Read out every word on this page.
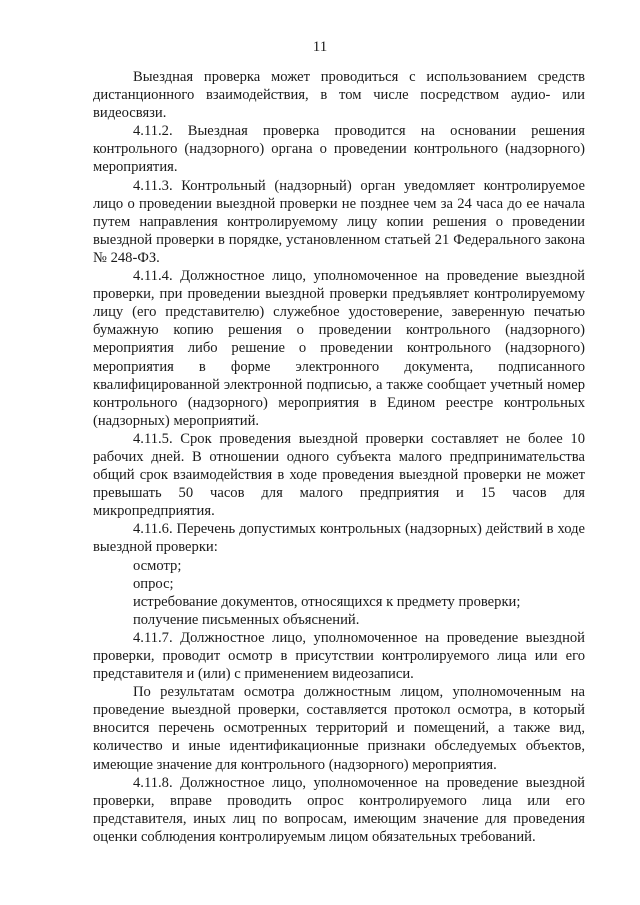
11

Выездная проверка может проводиться с использованием средств дистанционного взаимодействия, в том числе посредством аудио- или видеосвязи.

4.11.2. Выездная проверка проводится на основании решения контрольного (надзорного) органа о проведении контрольного (надзорного) мероприятия.

4.11.3. Контрольный (надзорный) орган уведомляет контролируемое лицо о проведении выездной проверки не позднее чем за 24 часа до ее начала путем направления контролируемому лицу копии решения о проведении выездной проверки в порядке, установленном статьей 21 Федерального закона № 248-ФЗ.

4.11.4. Должностное лицо, уполномоченное на проведение выездной проверки, при проведении выездной проверки предъявляет контролируемому лицу (его представителю) служебное удостоверение, заверенную печатью бумажную копию решения о проведении контрольного (надзорного) мероприятия либо решение о проведении контрольного (надзорного) мероприятия в форме электронного документа, подписанного квалифицированной электронной подписью, а также сообщает учетный номер контрольного (надзорного) мероприятия в Едином реестре контрольных (надзорных) мероприятий.

4.11.5. Срок проведения выездной проверки составляет не более 10 рабочих дней. В отношении одного субъекта малого предпринимательства общий срок взаимодействия в ходе проведения выездной проверки не может превышать 50 часов для малого предприятия и 15 часов для микропредприятия.

4.11.6. Перечень допустимых контрольных (надзорных) действий в ходе выездной проверки:

осмотр;

опрос;

истребование документов, относящихся к предмету проверки;

получение письменных объяснений.

4.11.7. Должностное лицо, уполномоченное на проведение выездной проверки, проводит осмотр в присутствии контролируемого лица или его представителя и (или) с применением видеозаписи.

По результатам осмотра должностным лицом, уполномоченным на проведение выездной проверки, составляется протокол осмотра, в который вносится перечень осмотренных территорий и помещений, а также вид, количество и иные идентификационные признаки обследуемых объектов, имеющие значение для контрольного (надзорного) мероприятия.

4.11.8. Должностное лицо, уполномоченное на проведение выездной проверки, вправе проводить опрос контролируемого лица или его представителя, иных лиц по вопросам, имеющим значение для проведения оценки соблюдения контролируемым лицом обязательных требований.
